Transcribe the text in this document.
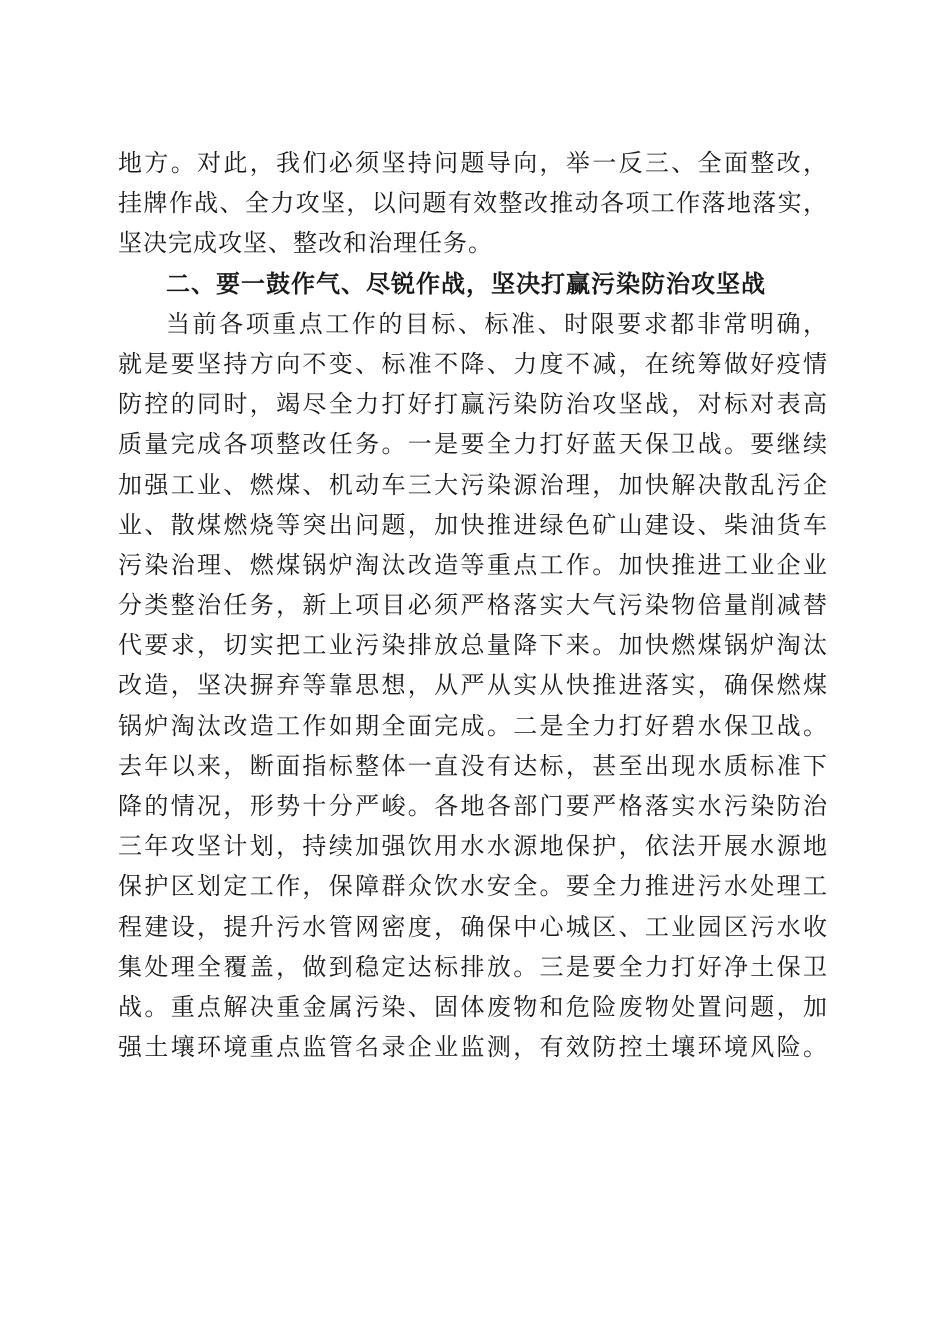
地方。对此，我们必须坚持问题导向，举一反三、全面整改，
挂牌作战、全力攻坚，以问题有效整改推动各项工作落地落实，
坚决完成攻坚、整改和治理任务。
二、要一鼓作气、尽锐作战，坚决打赢污染防治攻坚战
当前各项重点工作的目标、标准、时限要求都非常明确，
就是要坚持方向不变、标准不降、力度不减，在统筹做好疫情
防控的同时，竭尽全力打好打赢污染防治攻坚战，对标对表高
质量完成各项整改任务。一是要全力打好蓝天保卫战。要继续
加强工业、燃煤、机动车三大污染源治理，加快解决散乱污企
业、散煤燃烧等突出问题，加快推进绿色矿山建设、柴油货车
污染治理、燃煤锅炉淘汰改造等重点工作。加快推进工业企业
分类整治任务，新上项目必须严格落实大气污染物倍量削减替
代要求，切实把工业污染排放总量降下来。加快燃煤锅炉淘汰
改造，坚决摒弃等靠思想，从严从实从快推进落实，确保燃煤
锅炉淘汰改造工作如期全面完成。二是全力打好碧水保卫战。
去年以来，断面指标整体一直没有达标，甚至出现水质标准下
降的情况，形势十分严峻。各地各部门要严格落实水污染防治
三年攻坚计划，持续加强饮用水水源地保护，依法开展水源地
保护区划定工作，保障群众饮水安全。要全力推进污水处理工
程建设，提升污水管网密度，确保中心城区、工业园区污水收
集处理全覆盖，做到稳定达标排放。三是要全力打好净土保卫
战。重点解决重金属污染、固体废物和危险废物处置问题，加
强土壤环境重点监管名录企业监测，有效防控土壤环境风险。
